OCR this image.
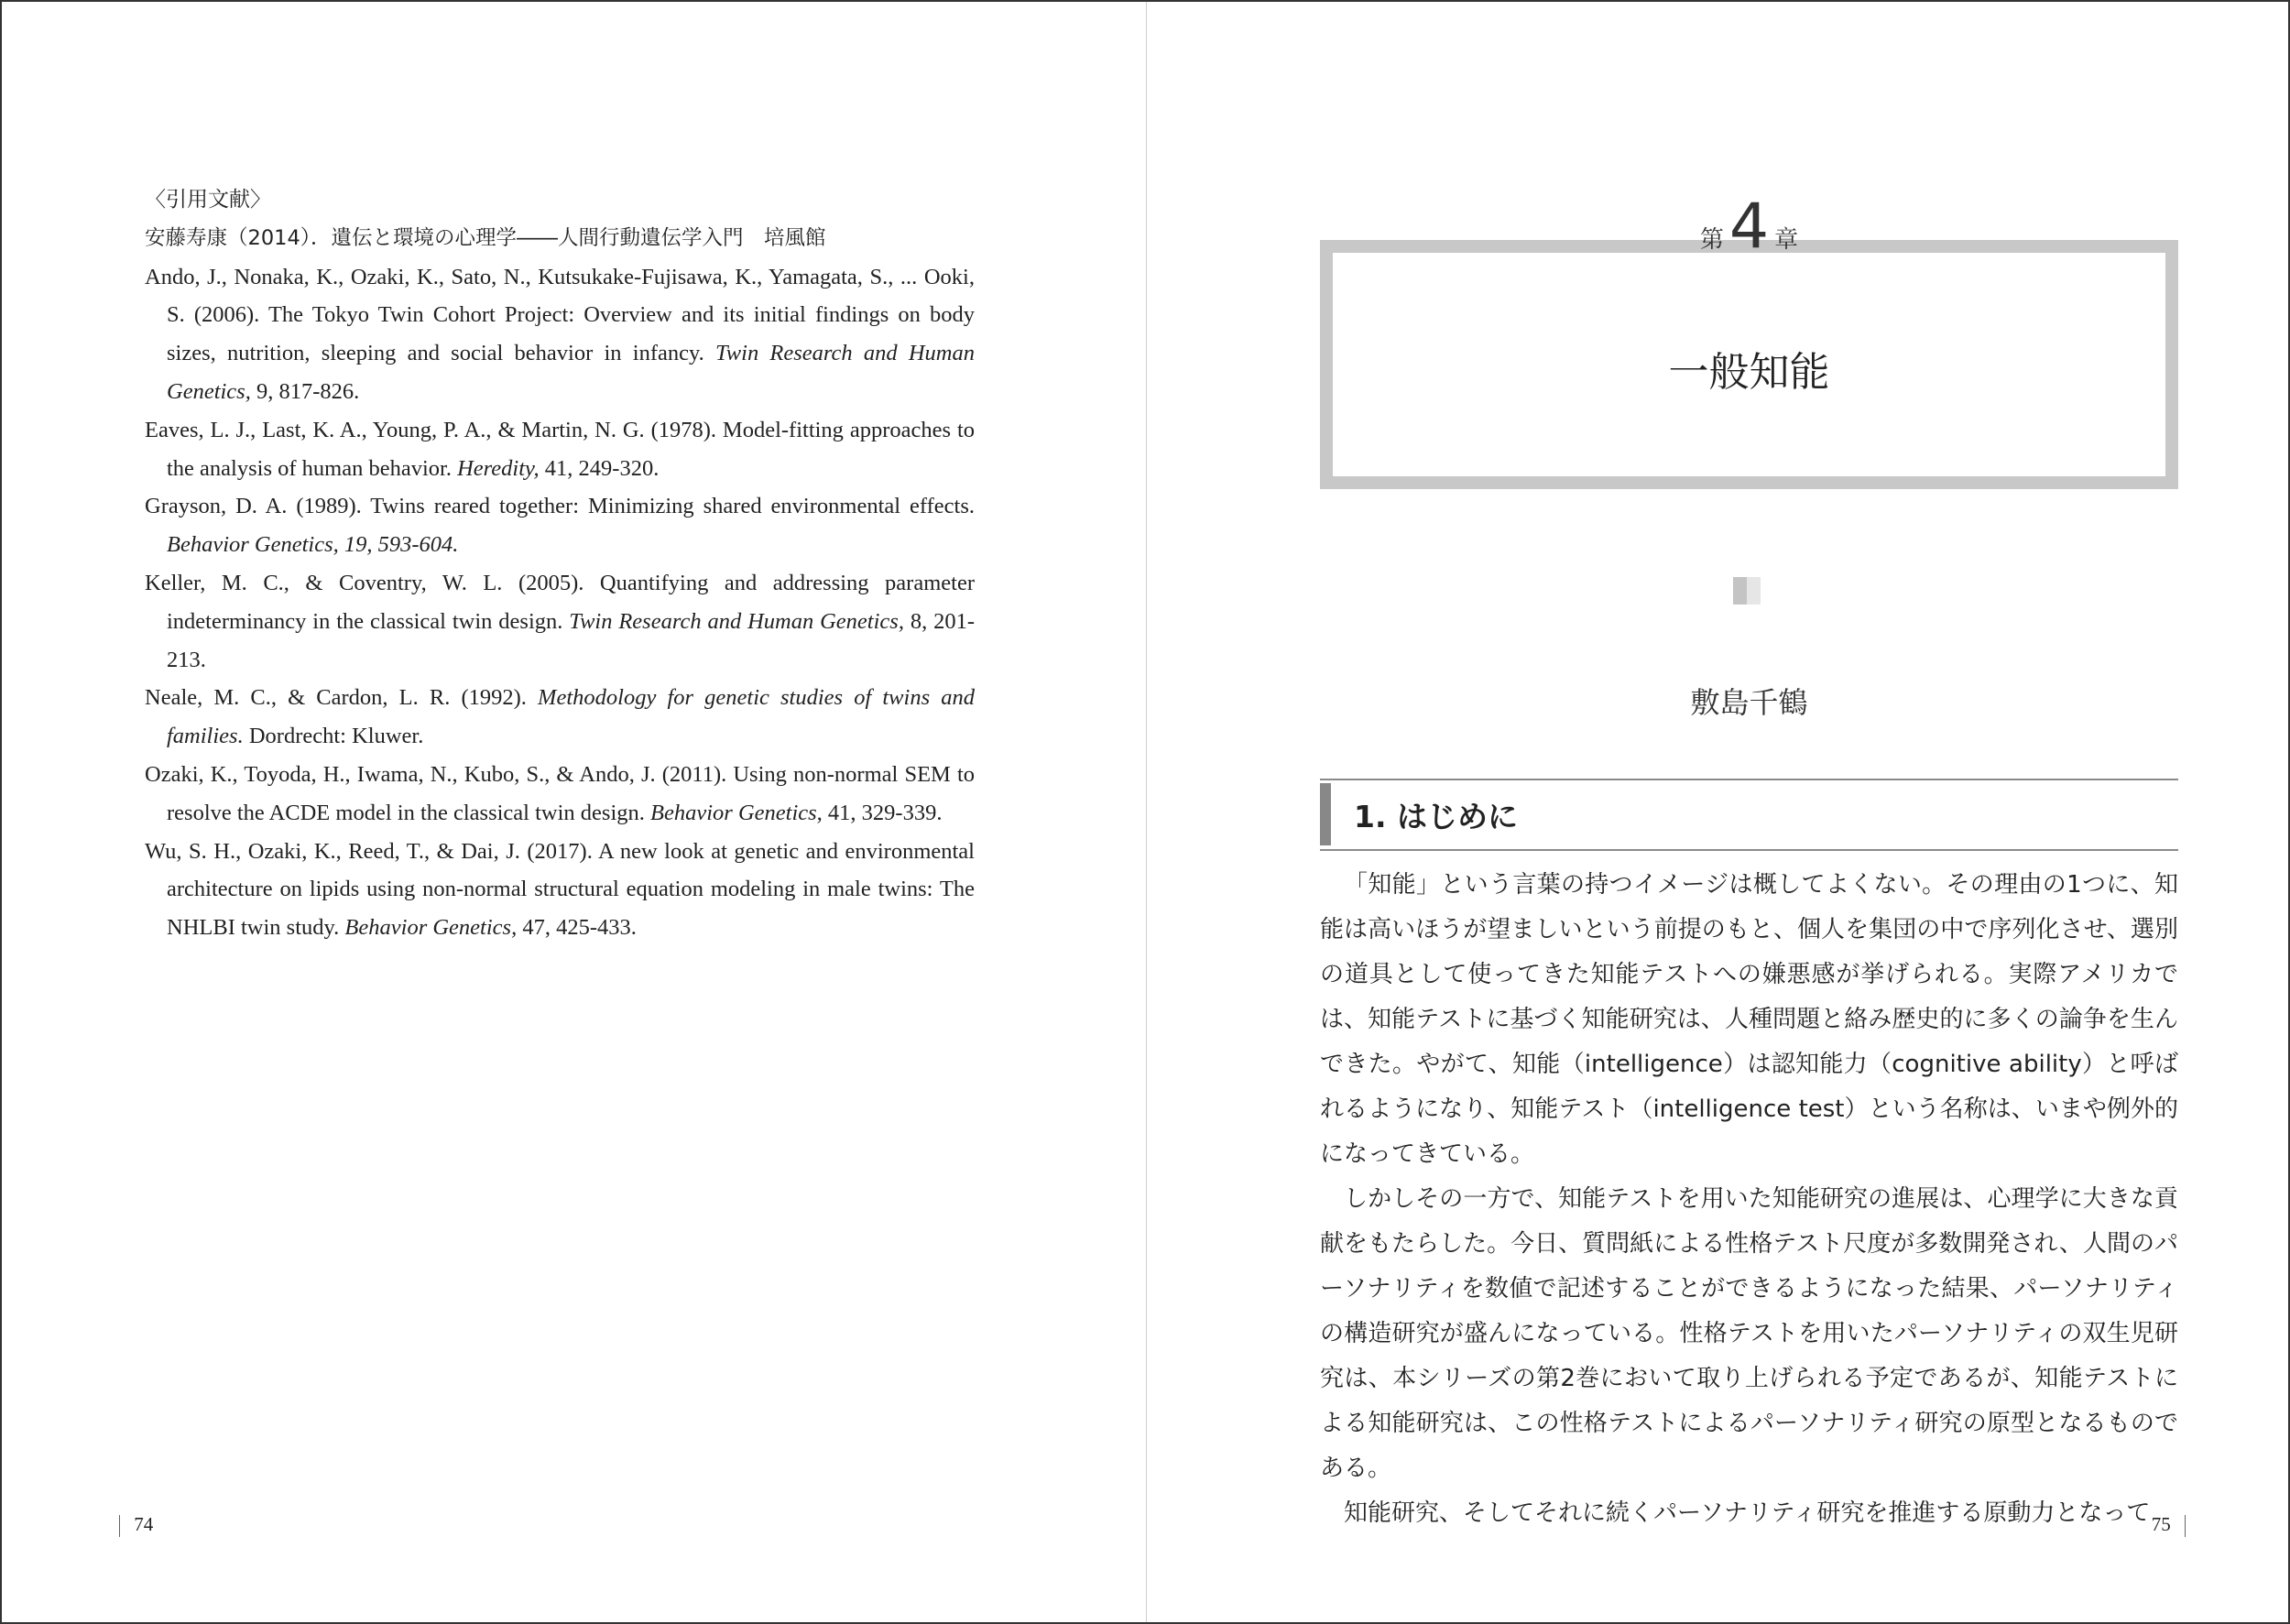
〈引用文献〉
安藤寿康（2014）．遺伝と環境の心理学――人間行動遺伝学入門　培風館
Ando, J., Nonaka, K., Ozaki, K., Sato, N., Kutsukake-Fujisawa, K., Yamagata, S., ... Ooki, S. (2006). The Tokyo Twin Cohort Project: Overview and its initial findings on body sizes, nutrition, sleeping and social behavior in infancy. Twin Research and Human Genetics, 9, 817-826.
Eaves, L. J., Last, K. A., Young, P. A., & Martin, N. G. (1978). Model-fitting approaches to the analysis of human behavior. Heredity, 41, 249-320.
Grayson, D. A. (1989). Twins reared together: Minimizing shared environmental effects. Behavior Genetics, 19, 593-604.
Keller, M. C., & Coventry, W. L. (2005). Quantifying and addressing parameter indeterminancy in the classical twin design. Twin Research and Human Genetics, 8, 201-213.
Neale, M. C., & Cardon, L. R. (1992). Methodology for genetic studies of twins and families. Dordrecht: Kluwer.
Ozaki, K., Toyoda, H., Iwama, N., Kubo, S., & Ando, J. (2011). Using non-normal SEM to resolve the ACDE model in the classical twin design. Behavior Genetics, 41, 329-339.
Wu, S. H., Ozaki, K., Reed, T., & Dai, J. (2017). A new look at genetic and environmental architecture on lipids using non-normal structural equation modeling in male twins: The NHLBI twin study. Behavior Genetics, 47, 425-433.
74
第4 章
一般知能
敷島千鶴
1. はじめに

「知能」という言葉の持つイメージは概してよくない。その理由の1つに、知能は高いほうが望ましいという前提のもと、個人を集団の中で序列化させ、選別の道具として使ってきた知能テストへの嫌悪感が挙げられる。実際アメリカでは、知能テストに基づく知能研究は、人種問題と絡み歴史的に多くの論争を生んできた。やがて、知能（intelligence）は認知能力（cognitive ability）と呼ばれるようになり、知能テスト（intelligence test）という名称は、いまや例外的になってきている。

しかしその一方で、知能テストを用いた知能研究の進展は、心理学に大きな貢献をもたらした。今日、質問紙による性格テスト尺度が多数開発され、人間のパーソナリティを数値で記述することができるようになった結果、パーソナリティの構造研究が盛んになっている。性格テストを用いたパーソナリティの双生児研究は、本シリーズの第2巻において取り上げられる予定であるが、知能テストによる知能研究は、この性格テストによるパーソナリティ研究の原型となるものである。

知能研究、そしてそれに続くパーソナリティ研究を推進する原動力となって 75
